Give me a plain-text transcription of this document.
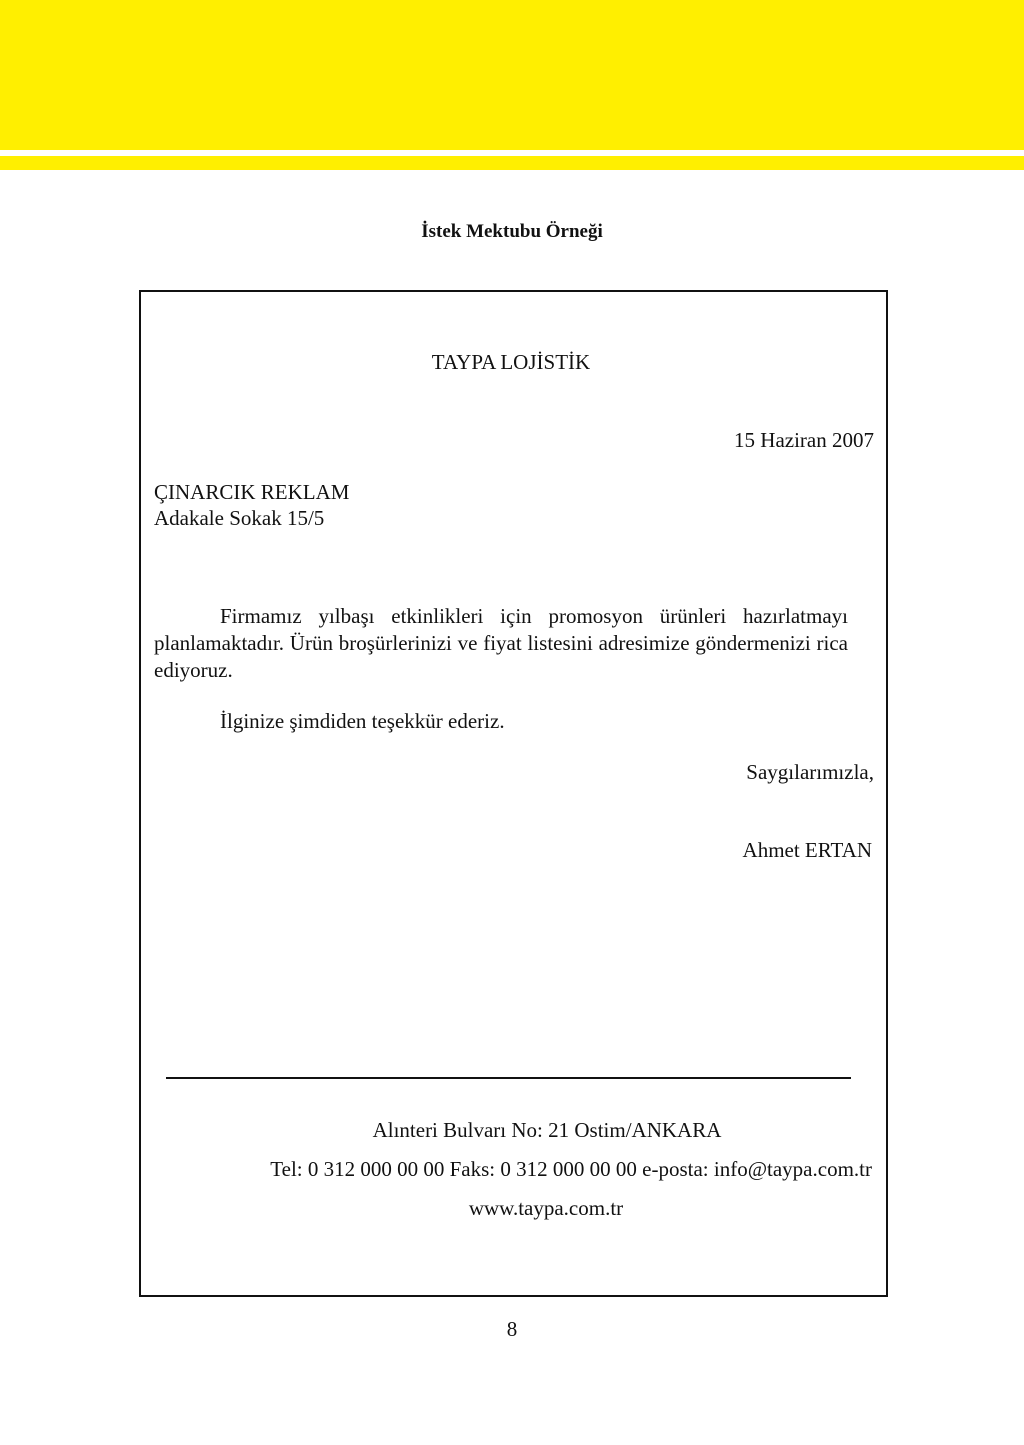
İstek Mektubu Örneği
TAYPA LOJİSTİK
15 Haziran 2007
ÇINARCIK REKLAM
Adakale Sokak 15/5
Firmamız yılbaşı etkinlikleri için promosyon ürünleri hazırlatmayı planlamaktadır. Ürün broşürlerinizi ve fiyat listesini adresimize göndermenizi rica ediyoruz.
İlginize şimdiden teşekkür ederiz.
Saygılarımızla,
Ahmet ERTAN
Alınteri Bulvarı No: 21 Ostim/ANKARA
Tel: 0 312 000 00 00 Faks: 0 312 000 00 00 e-posta: info@taypa.com.tr
www.taypa.com.tr
8
